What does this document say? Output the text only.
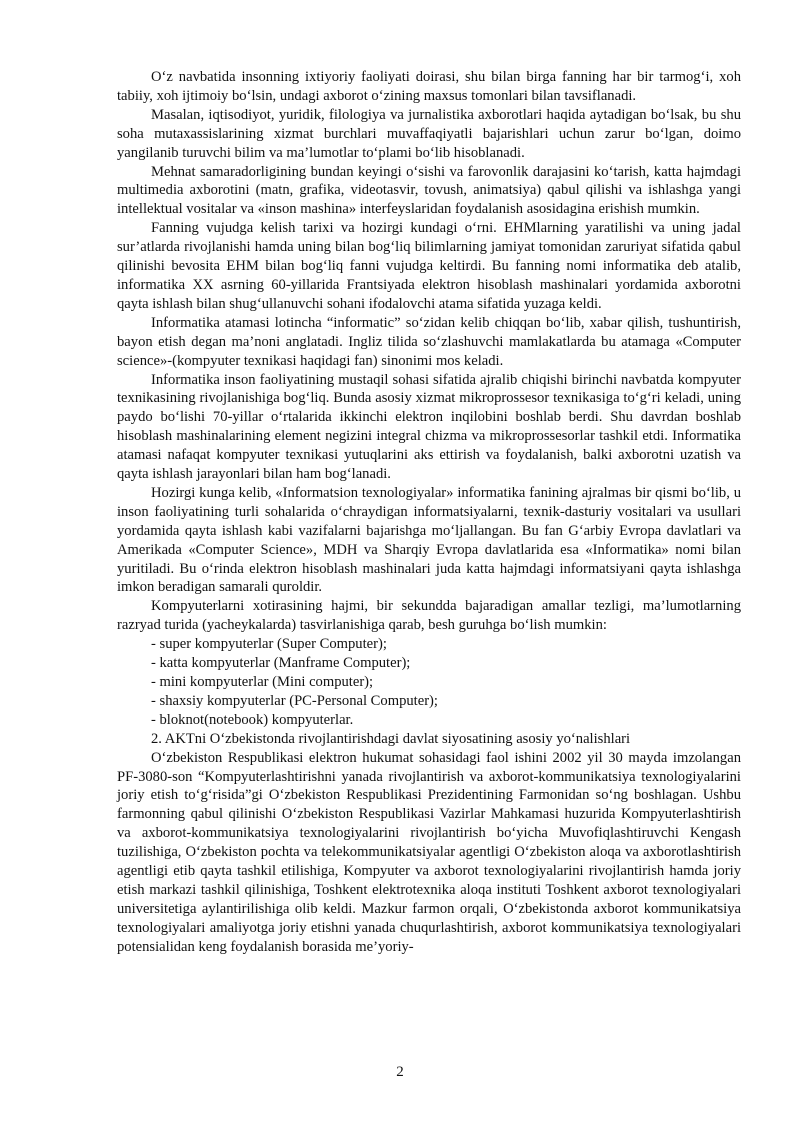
O‘z navbatida insonning ixtiyoriy faoliyati doirasi, shu bilan birga fanning har bir tarmog‘i, xoh tabiiy, xoh ijtimoiy bo‘lsin, undagi axborot o‘zining maxsus tomonlari bilan tavsiflanadi.

Masalan, iqtisodiyot, yuridik, filologiya va jurnalistika axborotlari haqida aytadigan bo‘lsak, bu shu soha mutaxassislarining xizmat burchlari muvaffaqiyatli bajarishlari uchun zarur bo‘lgan, doimo yangilanib turuvchi bilim va ma’lumotlar to‘plami bo‘lib hisoblanadi.

Mehnat samaradorligining bundan keyingi o‘sishi va farovonlik darajasini ko‘tarish, katta hajmdagi multimedia axborotini (matn, grafika, videotasvir, tovush, animatsiya) qabul qilishi va ishlashga yangi intellektual vositalar va «inson mashina» interfeyslaridan foydalanish asosidagina erishish mumkin.

Fanning vujudga kelish tarixi va hozirgi kundagi o‘rni. EHMlarning yaratilishi va uning jadal sur’atlarda rivojlanishi hamda uning bilan bog‘liq bilimlarning jamiyat tomonidan zaruriyat sifatida qabul qilinishi bevosita EHM bilan bog‘liq fanni vujudga keltirdi. Bu fanning nomi informatika deb atalib, informatika XX asrning 60-yillarida Frantsiyada elektron hisoblash mashinalari yordamida axborotni qayta ishlash bilan shug‘ullanuvchi sohani ifodalovchi atama sifatida yuzaga keldi.

Informatika atamasi lotincha “informatic” so‘zidan kelib chiqqan bo‘lib, xabar qilish, tushuntirish, bayon etish degan ma’noni anglatadi. Ingliz tilida so‘zlashuvchi mamlakatlarda bu atamaga «Computer science»-(kompyuter texnikasi haqidagi fan) sinonimi mos keladi.

Informatika inson faoliyatining mustaqil sohasi sifatida ajralib chiqishi birinchi navbatda kompyuter texnikasining rivojlanishiga bog‘liq. Bunda asosiy xizmat mikroprossesor texnikasiga to‘g‘ri keladi, uning paydo bo‘lishi 70-yillar o‘rtalarida ikkinchi elektron inqilobini boshlab berdi. Shu davrdan boshlab hisoblash mashinalarining element negizini integral chizma va mikroprossesorlar tashkil etdi. Informatika atamasi nafaqat kompyuter texnikasi yutuqlarini aks ettirish va foydalanish, balki axborotni uzatish va qayta ishlash jarayonlari bilan ham bog‘lanadi.

Hozirgi kunga kelib, «Informatsion texnologiyalar» informatika fanining ajralmas bir qismi bo‘lib, u inson faoliyatining turli sohalarida o‘chraydigan informatsiyalarni, texnik-dasturiy vositalari va usullari yordamida qayta ishlash kabi vazifalarni bajarishga mo‘ljallangan. Bu fan G‘arbiy Evropa davlatlari va Amerikada «Computer Science», MDH va Sharqiy Evropa davlatlarida esa «Informatika» nomi bilan yuritiladi. Bu o‘rinda elektron hisoblash mashinalari juda katta hajmdagi informatsiyani qayta ishlashga imkon beradigan samarali quroldir.

Kompyuterlarni xotirasining hajmi, bir sekundda bajaradigan amallar tezligi, ma’lumotlarning razryad turida (yacheykalarda) tasvirlanishiga qarab, besh guruhga bo‘lish mumkin:

- super kompyuterlar (Super Computer);
- katta kompyuterlar (Manframe Computer);
- mini kompyuterlar (Mini computer);
- shaxsiy kompyuterlar (PC-Personal Computer);
- bloknot(notebook) kompyuterlar.

2. AKTni O‘zbekistonda rivojlantirishdagi davlat siyosatining asosiy yo‘nalishlari

O‘zbekiston Respublikasi elektron hukumat sohasidagi faol ishini 2002 yil 30 mayda imzolangan PF-3080-son “Kompyuterlashtirishni yanada rivojlantirish va axborot-kommunikatsiya texnologiyalarini joriy etish to‘g‘risida”gi O‘zbekiston Respublikasi Prezidentining Farmonidan so‘ng boshlagan. Ushbu farmonning qabul qilinishi O‘zbekiston Respublikasi Vazirlar Mahkamasi huzurida Kompyuterlashtirish va axborot-kommunikatsiya texnologiyalarini rivojlantirish bo‘yicha Muvofiqlashtiruvchi Kengash tuzilishiga, O‘zbekiston pochta va telekommunikatsiyalar agentligi O‘zbekiston aloqa va axborotlashtirish agentligi etib qayta tashkil etilishiga, Kompyuter va axborot texnologiyalarini rivojlantirish hamda joriy etish markazi tashkil qilinishiga, Toshkent elektrotexnika aloqa instituti Toshkent axborot texnologiyalari universitetiga aylantirilishiga olib keldi. Mazkur farmon orqali, O‘zbekistonda axborot kommunikatsiya texnologiyalari amaliyotga joriy etishni yanada chuqurlashtirish, axborot kommunikatsiya texnologiyalari potensialidan keng foydalanish borasida me’yoriy-

2
